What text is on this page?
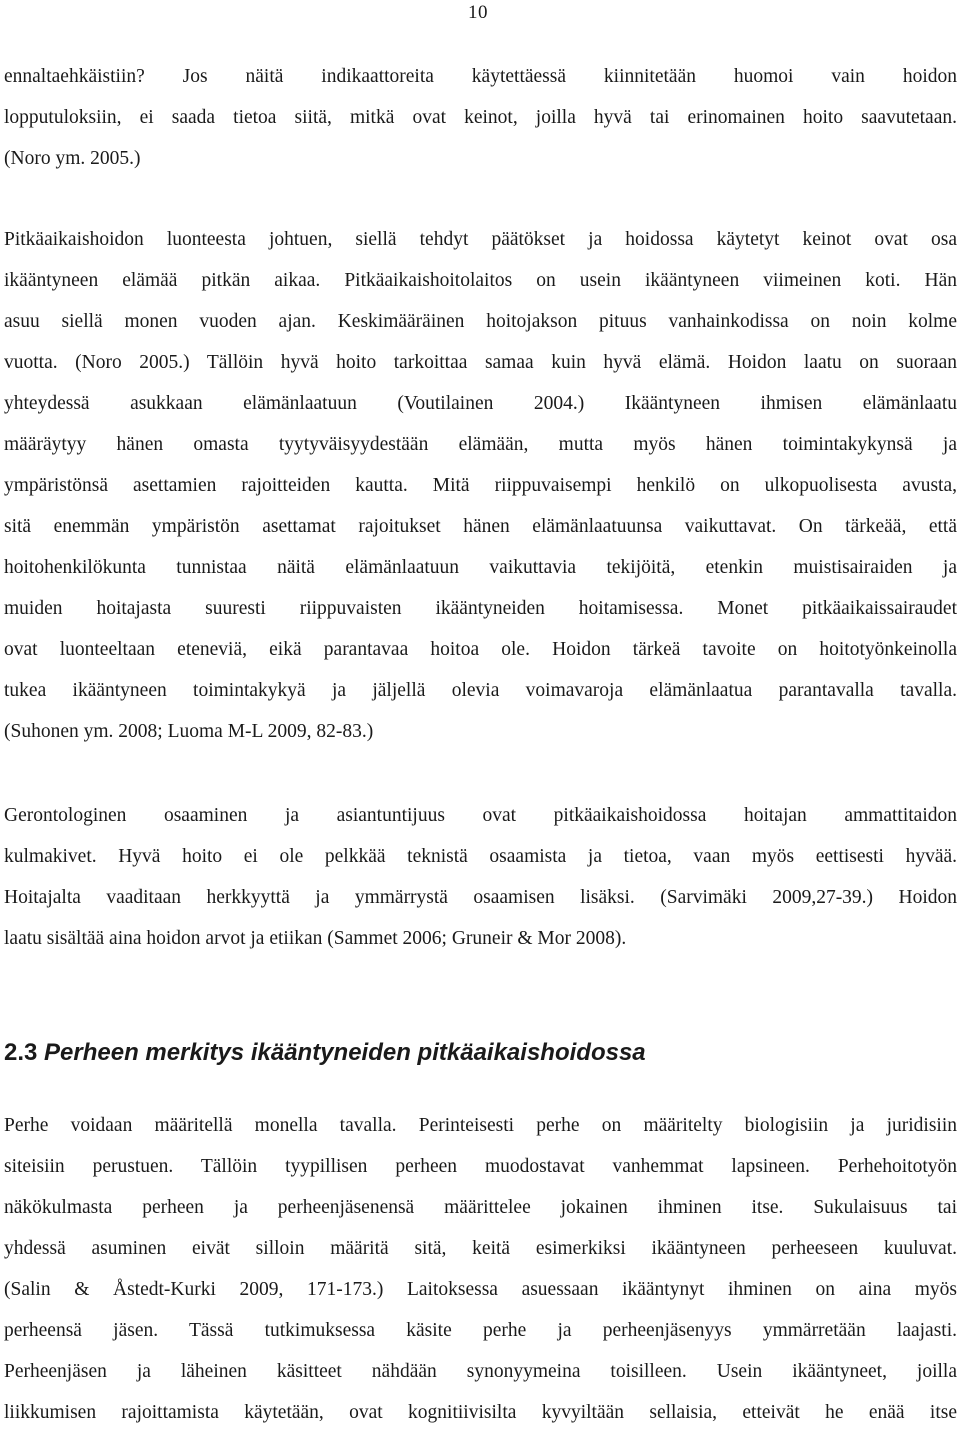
10
ennaltaehkäistiin? Jos näitä indikaattoreita käytettäessä kiinnitetään huomoi vain hoidon
lopputuloksiin, ei saada tietoa siitä, mitkä ovat keinot, joilla hyvä tai erinomainen hoito saavutetaan.
(Noro ym. 2005.)
Pitkäaikaishoidon luonteesta johtuen, siellä tehdyt päätökset ja hoidossa käytetyt keinot ovat osa
ikääntyneen elämää pitkän aikaa. Pitkäaikaishoitolaitos on usein ikääntyneen viimeinen koti. Hän
asuu siellä monen vuoden ajan. Keskimääräinen hoitojakson pituus vanhainkodissa on noin kolme
vuotta. (Noro 2005.) Tällöin hyvä hoito tarkoittaa samaa kuin hyvä elämä. Hoidon laatu on suoraan
yhteydessä asukkaan elämänlaatuun (Voutilainen 2004.) Ikääntyneen ihmisen elämänlaatu
määräytyy hänen omasta tyytyväisyydestään elämään, mutta myös hänen toimintakykynsä ja
ympäristönsä asettamien rajoitteiden kautta. Mitä riippuvaisempi henkilö on ulkopuolisesta avusta,
sitä enemmän ympäristön asettamat rajoitukset hänen elämänlaatuunsa vaikuttavat. On tärkeää, että
hoitohenkilökunta tunnistaa näitä elämänlaatuun vaikuttavia tekijöitä, etenkin muistisairaiden ja
muiden hoitajasta suuresti riippuvaisten ikääntyneiden hoitamisessa. Monet pitkäaikaissairaudet
ovat luonteeltaan eteneviä, eikä parantavaa hoitoa ole. Hoidon tärkeä tavoite on hoitotyönkeinolla
tukea ikääntyneen toimintakykyä ja jäljellä olevia voimavaroja elämänlaatua parantavalla tavalla.
(Suhonen ym. 2008; Luoma M-L 2009, 82-83.)
Gerontologinen osaaminen ja asiantuntijuus ovat pitkäaikaishoidossa hoitajan ammattitaidon
kulmakivet. Hyvä hoito ei ole pelkkää teknistä osaamista ja tietoa, vaan myös eettisesti hyvää.
Hoitajalta vaaditaan herkkyyttä ja ymmärrystä osaamisen lisäksi. (Sarvimäki 2009,27-39.) Hoidon
laatu sisältää aina hoidon arvot ja etiikan (Sammet 2006; Gruneir & Mor 2008).
2.3 Perheen merkitys ikääntyneiden pitkäaikaishoidossa
Perhe voidaan määritellä monella tavalla. Perinteisesti perhe on määritelty biologisiin ja juridisiin
siteisiin perustuen. Tällöin tyypillisen perheen muodostavat vanhemmat lapsineen. Perhehoitotyön
näkökulmasta perheen ja perheenjäsenensä määrittelee jokainen ihminen itse. Sukulaisuus tai
yhdessä asuminen eivät silloin määritä sitä, keitä esimerkiksi ikääntyneen perheeseen kuuluvat.
(Salin & Åstedt-Kurki 2009, 171-173.) Laitoksessa asuessaan ikääntynyt ihminen on aina myös
perheensä jäsen. Tässä tutkimuksessa käsite perhe ja perheenjäsenyys ymmärretään laajasti.
Perheenjäsen ja läheinen käsitteet nähdään synonyymeina toisilleen. Usein ikääntyneet, joilla
liikkumisen rajoittamista käytetään, ovat kognitiivisilta kyvyiltään sellaisia, etteivät he enää itse
